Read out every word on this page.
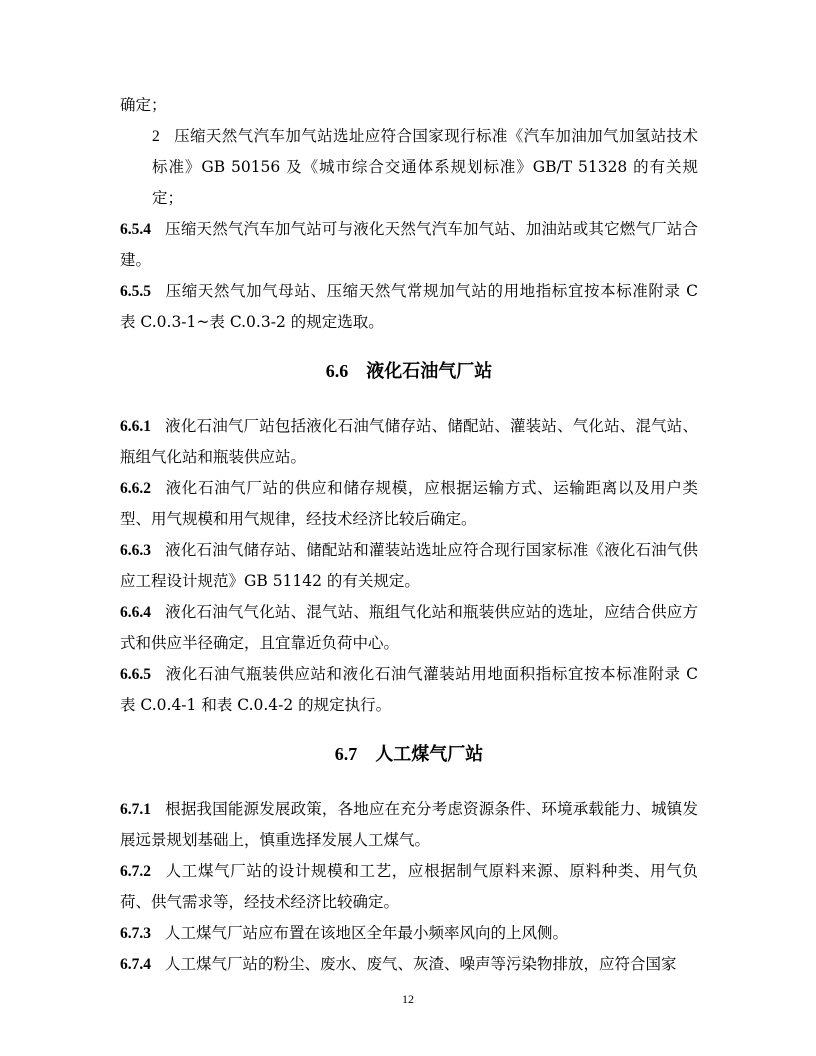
确定；

2 压缩天然气汽车加气站选址应符合国家现行标准《汽车加油加气加氢站技术标准》GB 50156 及《城市综合交通体系规划标准》GB/T 51328 的有关规定；

6.5.4 压缩天然气汽车加气站可与液化天然气汽车加气站、加油站或其它燃气厂站合建。

6.5.5 压缩天然气加气母站、压缩天然气常规加气站的用地指标宜按本标准附录 C 表 C.0.3-1~表 C.0.3-2 的规定选取。

6.6 液化石油气厂站

6.6.1 液化石油气厂站包括液化石油气储存站、储配站、灌装站、气化站、混气站、瓶组气化站和瓶装供应站。

6.6.2 液化石油气厂站的供应和储存规模，应根据运输方式、运输距离以及用户类型、用气规模和用气规律，经技术经济比较后确定。

6.6.3 液化石油气储存站、储配站和灌装站选址应符合现行国家标准《液化石油气供应工程设计规范》GB 51142 的有关规定。

6.6.4 液化石油气气化站、混气站、瓶组气化站和瓶装供应站的选址，应结合供应方式和供应半径确定，且宜靠近负荷中心。

6.6.5 液化石油气瓶装供应站和液化石油气灌装站用地面积指标宜按本标准附录 C 表 C.0.4-1 和表 C.0.4-2 的规定执行。

6.7 人工煤气厂站

6.7.1 根据我国能源发展政策，各地应在充分考虑资源条件、环境承载能力、城镇发展远景规划基础上，慎重选择发展人工煤气。

6.7.2 人工煤气厂站的设计规模和工艺，应根据制气原料来源、原料种类、用气负荷、供气需求等，经技术经济比较确定。

6.7.3 人工煤气厂站应布置在该地区全年最小频率风向的上风侧。

6.7.4 人工煤气厂站的粉尘、废水、废气、灰渣、噪声等污染物排放，应符合国家

12
